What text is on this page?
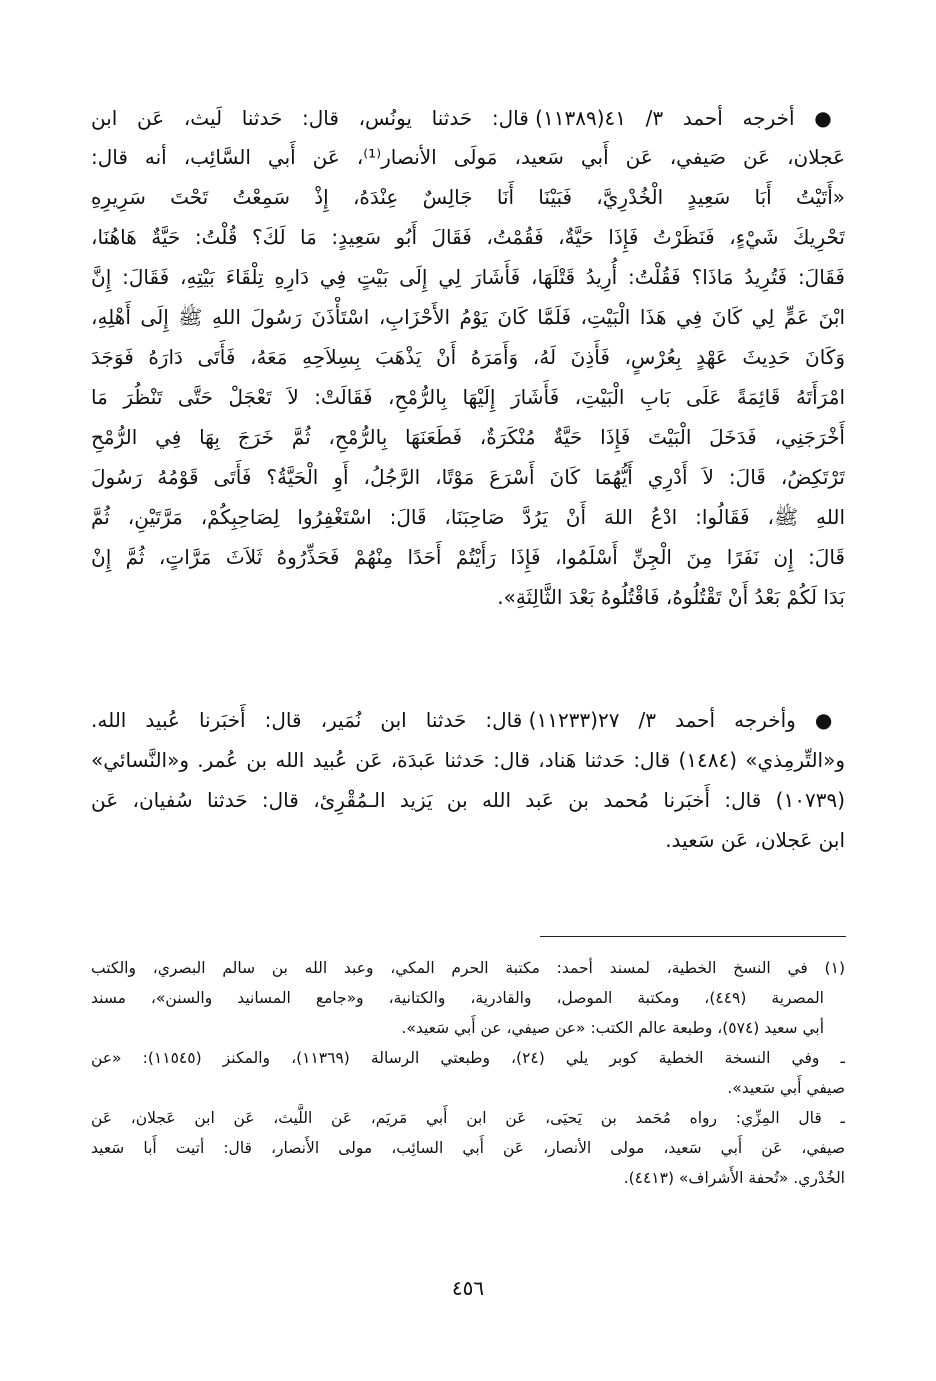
● أخرجه أحمد ٣/ ٤١(١١٣٨٩) قال: حَدثنا يونُس، قال: حَدثنا لَيث، عَن ابن
عَجلان، عَن صَيفي، عَن أَبي سَعيد، مَولَى الأنصار⁽¹⁾، عَن أَبي السَّائِب، أنه قال:
«أَتَيْتُ أَبَا سَعِيدٍ الْخُدْرِيَّ، فَبَيْنَا أَنَا جَالِسٌ عِنْدَهُ، إِذْ سَمِعْتُ تَحْتَ سَرِيرِهِ
تَحْرِيكَ شَيْءٍ، فَنَظَرْتُ فَإِذَا حَيَّةٌ، فَقُمْتُ، فَقَالَ أَبُو سَعِيدٍ: مَا لَكَ؟ قُلْتُ: حَيَّةٌ هَاهُنَا،
فَقَالَ: فَتُرِيدُ مَاذَا؟ فَقُلْتُ: أُرِيدُ قَتْلَهَا، فَأَشَارَ لِي إِلَى بَيْتٍ فِي دَارِهِ تِلْقَاءَ بَيْتِهِ، فَقَالَ: إِنَّ
ابْنَ عَمٍّ لِي كَانَ فِي هَذَا الْبَيْتِ، فَلَمَّا كَانَ يَوْمُ الأَحْزَابِ، اسْتَأْذَنَ رَسُولَ اللهِ ﷺ إِلَى أَهْلِهِ،
وَكَانَ حَدِيثَ عَهْدٍ بِعُرْسٍ، فَأَذِنَ لَهُ، وَأَمَرَهُ أَنْ يَذْهَبَ بِسِلاَحِهِ مَعَهُ، فَأَتَى دَارَهُ فَوَجَدَ
امْرَأَتَهُ قَائِمَةً عَلَى بَابِ الْبَيْتِ، فَأَشَارَ إِلَيْهَا بِالرُّمْحِ، فَقَالَتْ: لاَ تَعْجَلْ حَتَّى تَنْظُرَ مَا
أَخْرَجَنِي، فَدَخَلَ الْبَيْتَ فَإِذَا حَيَّةٌ مُنْكَرَةٌ، فَطَعَنَهَا بِالرُّمْحِ، ثُمَّ خَرَجَ بِهَا فِي الرُّمْحِ
تَرْتَكِضُ، قَالَ: لاَ أَدْرِي أَيُّهُمَا كَانَ أَسْرَعَ مَوْتًا، الرَّجُلُ، أَوِ الْحَيَّةُ؟ فَأَتَى قَوْمُهُ رَسُولَ
اللهِ ﷺ، فَقَالُوا: ادْعُ اللهَ أَنْ يَرُدَّ صَاحِبَنَا، قَالَ: اسْتَغْفِرُوا لِصَاحِبِكُمْ، مَرَّتَيْنِ، ثُمَّ
قَالَ: إِن نَفَرًا مِنَ الْجِنِّ أَسْلَمُوا، فَإِذَا رَأَيْتُمْ أَحَدًا مِنْهُمْ فَحَذِّرُوهُ ثَلاَثَ مَرَّاتٍ، ثُمَّ إِنْ
بَدَا لَكُمْ بَعْدُ أَنْ تَقْتُلُوهُ، فَاقْتُلُوهُ بَعْدَ الثَّالِثَةِ».
● وأخرجه أحمد ٣/ ٢٧(١١٢٣٣) قال: حَدثنا ابن نُمَير، قال: أَخبَرنا عُبيد الله.
و«التِّرمِذي» (١٤٨٤) قال: حَدثنا هَناد، قال: حَدثنا عَبدَة، عَن عُبيد الله بن عُمر. و«النَّسائي»
(١٠٧٣٩) قال: أَخبَرنا مُحمد بن عَبد الله بن يَزيد الـمُقْرِئ، قال: حَدثنا سُفيان، عَن
ابن عَجلان، عَن سَعيد.
(١) في النسخ الخطية، لمسند أحمد: مكتبة الحرم المكي، وعبد الله بن سالم البصري، والكتب
المصرية (٤٤٩)، ومكتبة الموصل، والقادرية، والكتانية، و«جامع المسانيد والسنن»، مسند
أبي سعيد (٥٧٤)، وطبعة عالم الكتب: «عن صيفي، عن أَبي سَعيد».
ـ وفي النسخة الخطية كوبر يلي (٢٤)، وطبعتي الرسالة (١١٣٦٩)، والمكنز (١١٥٤٥): «عن
صيفي أَبي سَعيد».
ـ قال المِزِّي: رواه مُحَمد بن يَحيَى، عَن ابن أَبي مَريَم، عَن اللَّيث، عَن ابن عَجلان، عَن
صيفي، عَن أَبي سَعيد، مولى الأنصار، عَن أَبي السائِب، مولى الأَنصار، قال: أتيت أَبا سَعيد
الخُدْري. «تُحفة الأَشراف» (٤٤١٣).
٤٥٦
